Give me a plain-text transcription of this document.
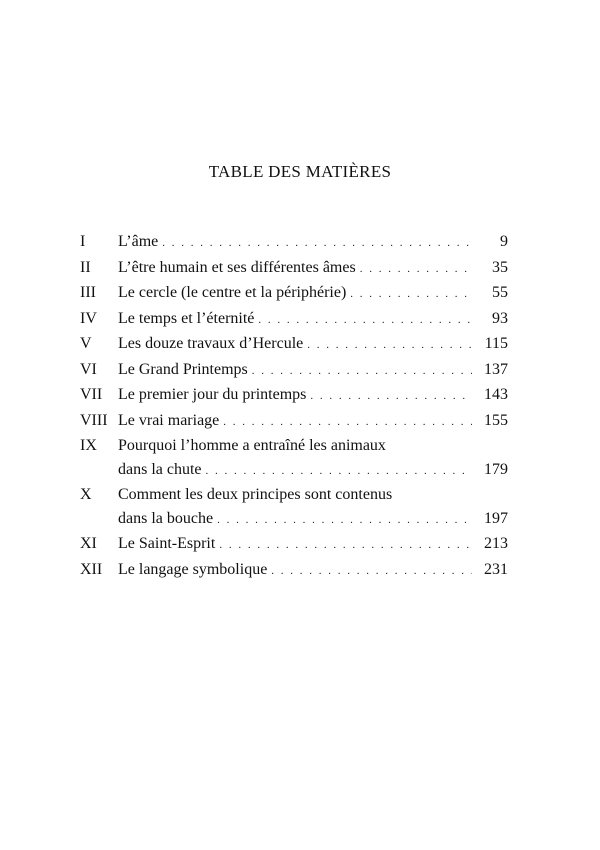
TABLE DES MATIÈRES
I	L’âme . . .	9
II	L’être humain et ses différentes âmes . . .	35
III	Le cercle (le centre et la périphérie) . . .	55
IV	Le temps et l’éternité . . .	93
V	Les douze travaux d’Hercule . . .	115
VI	Le Grand Printemps . . .	137
VII Le premier jour du printemps . . .	143
VIII Le vrai mariage . . .	155
IX	Pourquoi l’homme a entraîné les animaux
dans la chute . . .	179
X	Comment les deux principes sont contenus
dans la bouche . . .	197
XI	Le Saint-Esprit . . .	213
XII Le langage symbolique . . .	231
